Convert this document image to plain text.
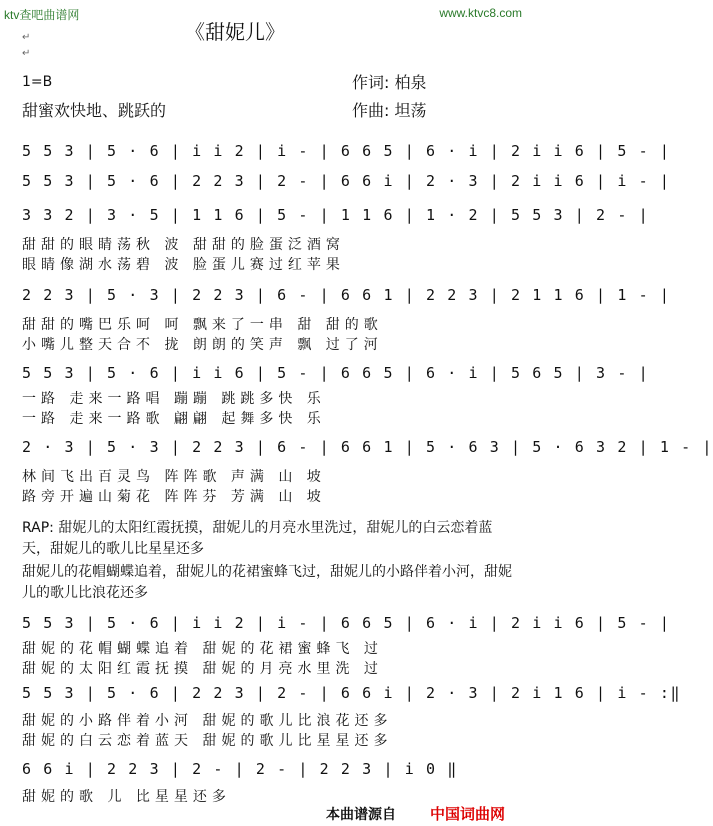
ktv查吧曲谱网	www.ktvc8.com
《甜妮儿》
↵
↵
1=B	作词: 柏泉
甜蜜欢快地、跳跃的	作曲: 坦荡
5 5 3 | 5 · 6 | i i 2 | i - | 6 6 5 | 6 · i | 2 i i 6 | 5 - |
5 5 3 | 5 · 6 | 2 2 3 | 2 - | 6 6 i | 2 · 3 | 2 i i 6 | i - |
3 3 2 | 3 · 5 | 1 1 6 | 5 - | 1 1 6 | 1 · 2 | 5 5 3 | 2 - |
甜甜的眼睛荡秋 波 甜甜的脸蛋泛酒窝
眼睛像湖水荡碧 波 脸蛋儿赛过红苹果
2 2 3 | 5 · 3 | 2 2 3 | 6 - | 6 6 1 | 2 2 3 | 2 1 1 6 | 1 - |
甜甜的嘴巴乐呵 呵 飘来了一串 甜 甜的歌
小嘴儿整天合不 拢 朗朗的笑声 飘 过了河
5 5 3 | 5 · 6 | i i 6 | 5 - | 6 6 5 | 6 · i | 5 6 5 | 3 - |
一路 走来一路唱 蹦蹦 跳跳多快 乐
一路 走来一路歌 翩翩 起舞多快 乐
2 · 3 | 5 · 3 | 2 2 3 | 6 - | 6 6 1 | 5 · 6 3 | 5 · 6 3 2 | 1 - |
林间飞出百灵鸟 阵阵歌 声满 山 坡
路旁开遍山菊花 阵阵芬 芳满 山 坡
RAP: 甜妮儿的太阳红霞抚摸，甜妮儿的月亮水里洗过，甜妮儿的白云恋着蓝天，甜妮儿的歌儿比星星还多
甜妮儿的花帽蝴蝶追着，甜妮儿的花裙蜜蜂飞过，甜妮儿的小路伴着小河，甜妮儿的歌儿比浪花还多
5 5 3 | 5 · 6 | i i 2 | i - | 6 6 5 | 6 · i | 2 i i 6 | 5 - |
甜妮的花帽蝴蝶追着 甜妮的花裙蜜蜂飞 过
甜妮的太阳红霞抚摸 甜妮的月亮水里洗 过
5 5 3 | 5 · 6 | 2 2 3 | 2 - | 6 6 i | 2 · 3 | 2 i 1 6 | i - :‖
甜妮的小路伴着小河 甜妮的歌儿比浪花还多
甜妮的白云恋着蓝天 甜妮的歌儿比星星还多
6 6 i | 2 2 3 | 2 - | 2 - | 2 2 3 | i 0 ‖
甜妮的歌 儿 比星星还多
本曲谱源自 中国词曲网
